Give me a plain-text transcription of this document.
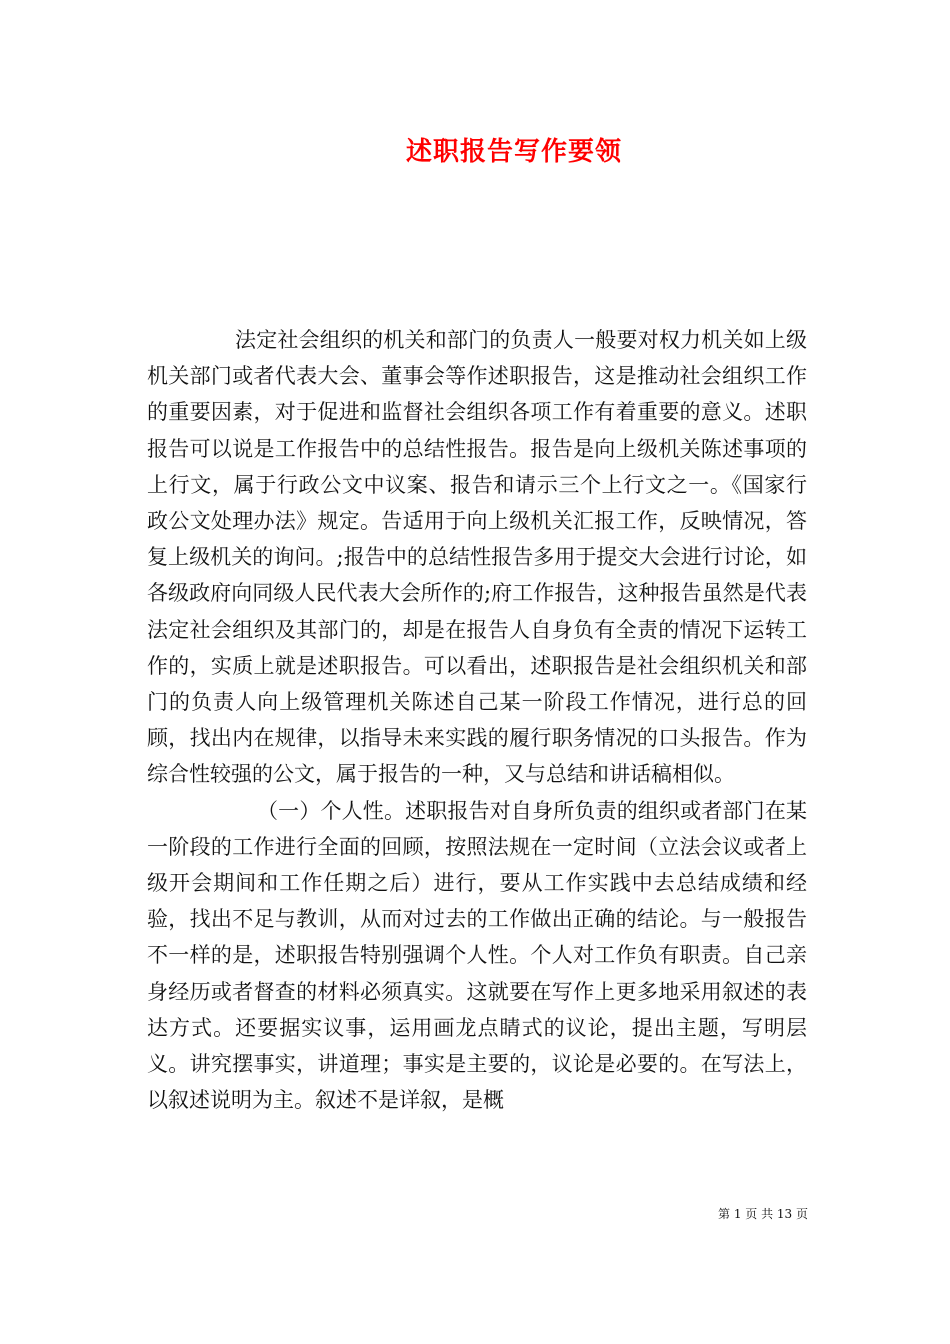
述职报告写作要领

法定社会组织的机关和部门的负责人一般要对权力机关如上级机关部门或者代表大会、董事会等作述职报告，这是推动社会组织工作的重要因素，对于促进和监督社会组织各项工作有着重要的意义。述职报告可以说是工作报告中的总结性报告。报告是向上级机关陈述事项的上行文，属于行政公文中议案、报告和请示三个上行文之一。《国家行政公文处理办法》规定。告适用于向上级机关汇报工作，反映情况，答复上级机关的询问。;报告中的总结性报告多用于提交大会进行讨论，如各级政府向同级人民代表大会所作的;府工作报告，这种报告虽然是代表法定社会组织及其部门的，却是在报告人自身负有全责的情况下运转工作的，实质上就是述职报告。可以看出，述职报告是社会组织机关和部门的负责人向上级管理机关陈述自己某一阶段工作情况，进行总的回顾，找出内在规律，以指导未来实践的履行职务情况的口头报告。作为综合性较强的公文，属于报告的一种，又与总结和讲话稿相似。

（一）个人性。述职报告对自身所负责的组织或者部门在某一阶段的工作进行全面的回顾，按照法规在一定时间（立法会议或者上级开会期间和工作任期之后）进行，要从工作实践中去总结成绩和经验，找出不足与教训，从而对过去的工作做出正确的结论。与一般报告不一样的是，述职报告特别强调个人性。个人对工作负有职责。自己亲身经历或者督查的材料必须真实。这就要在写作上更多地采用叙述的表达方式。还要据实议事，运用画龙点睛式的议论，提出主题，写明层义。讲究摆事实，讲道理；事实是主要的，议论是必要的。在写法上，以叙述说明为主。叙述不是详叙，是概

第 1 页 共 13 页
